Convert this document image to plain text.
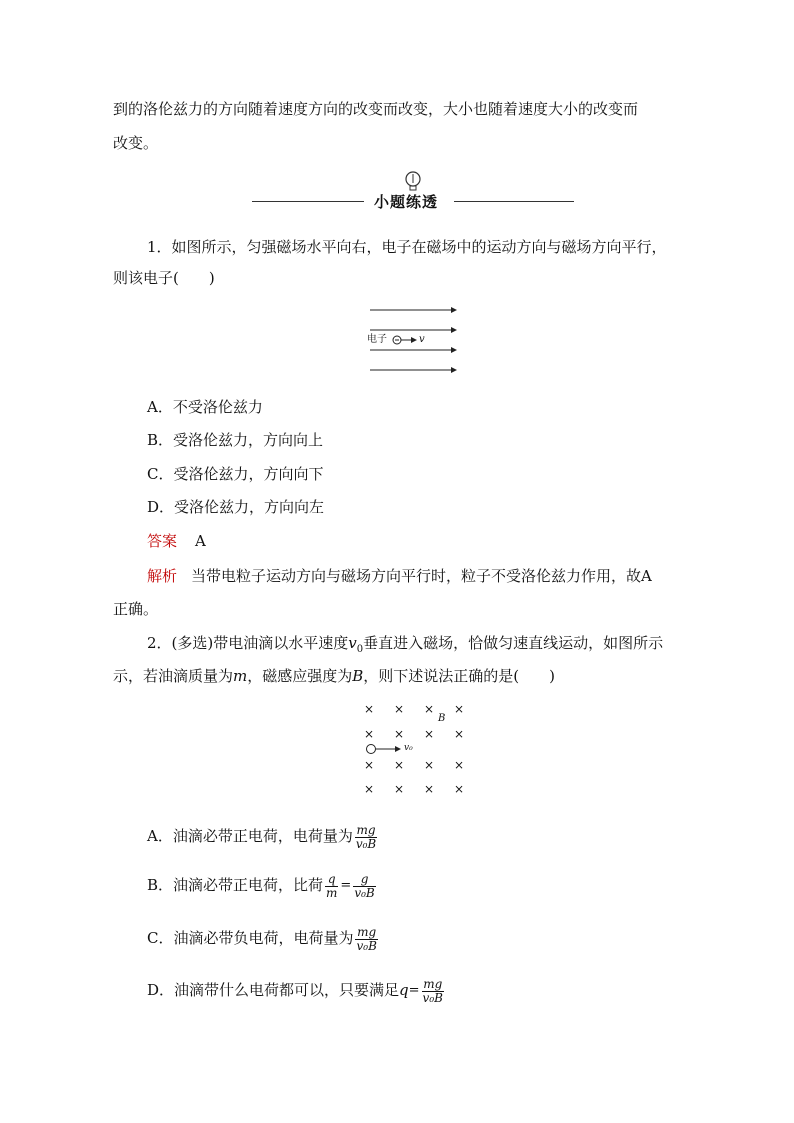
到的洛伦兹力的方向随着速度方向的改变而改变，大小也随着速度大小的改变而
改变。
小题练透
1．如图所示，匀强磁场水平向右，电子在磁场中的运动方向与磁场方向平行，
则该电子(　　)
电子	v
A．不受洛伦兹力
B．受洛伦兹力，方向向上
C．受洛伦兹力，方向向下
D．受洛伦兹力，方向向左
答案 A
解析 当带电粒子运动方向与磁场方向平行时，粒子不受洛伦兹力作用，故A
正确。
2．(多选)带电油滴以水平速度$v_0$垂直进入磁场，恰做匀速直线运动，如图所示
示，若油滴质量为m，磁感应强度为B，则下述说法正确的是(　　)
× × × ×
B
× × × ×
v₀
× × × ×
× × × ×
A．油滴必带正电荷，电荷量为 $\frac{mg}{\text{v₀B}}$
B．油滴必带正电荷，比荷 $\frac{q}{m} = \frac{g}{\text{v₀B}}$
C．油滴必带负电荷，电荷量为 $\frac{mg}{\text{v₀B}}$
D．油滴带什么电荷都可以，只要满足$q= \frac{mg}{\text{v₀B}}$
